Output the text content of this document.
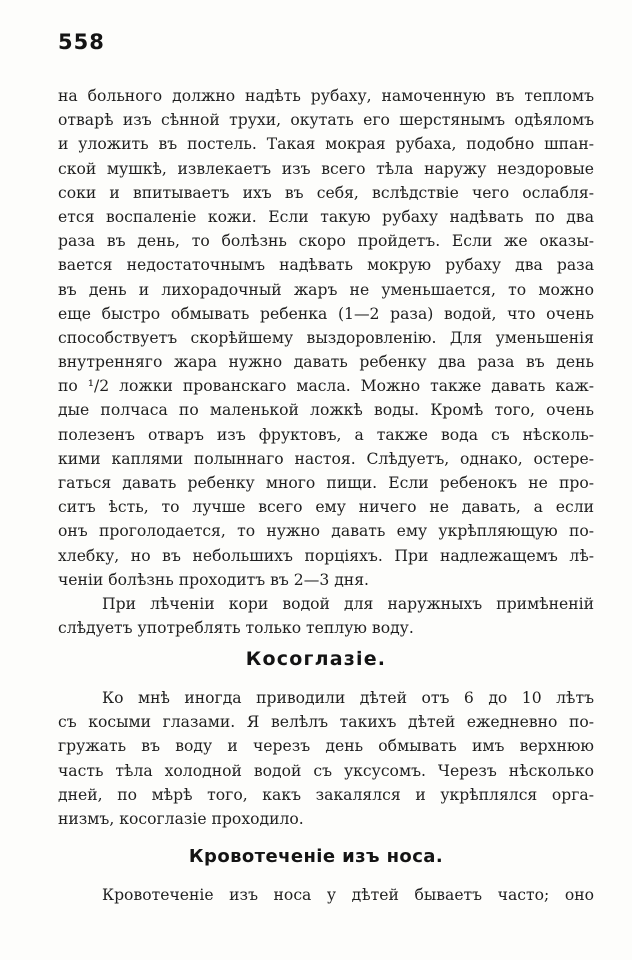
558
на больного должно надѣть рубаху, намоченную въ тепломъ
отварѣ изъ сѣнной трухи, окутать его шерстянымъ одѣяломъ
и уложить въ постель. Такая мокрая рубаха, подобно шпан-
ской мушкѣ, извлекаетъ изъ всего тѣла наружу нездоровые
соки и впитываетъ ихъ въ себя, вслѣдствіе чего ослабля-
ется воспаленіе кожи. Если такую рубаху надѣвать по два
раза въ день, то болѣзнь скоро пройдетъ. Если же оказы-
вается недостаточнымъ надѣвать мокрую рубаху два раза
въ день и лихорадочный жаръ не уменьшается, то можно
еще быстро обмывать ребенка (1—2 раза) водой, что очень
способствуетъ скорѣйшему выздоровленію. Для уменьшенія
внутренняго жара нужно давать ребенку два раза въ день
по ¹/2 ложки прованскаго масла. Можно также давать каж-
дые полчаса по маленькой ложкѣ воды. Кромѣ того, очень
полезенъ отваръ изъ фруктовъ, а также вода съ нѣсколь-
кими каплями полыннаго настоя. Слѣдуетъ, однако, остере-
гаться давать ребенку много пищи. Если ребенокъ не про-
ситъ ѣсть, то лучше всего ему ничего не давать, а если
онъ проголодается, то нужно давать ему укрѣпляющую по-
хлебку, но въ небольшихъ порціяхъ. При надлежащемъ лѣ-
ченіи болѣзнь проходитъ въ 2—3 дня.
При лѣченіи кори водой для наружныхъ примѣненій
слѣдуетъ употреблять только теплую воду.
Косоглазіе.
Ко мнѣ иногда приводили дѣтей отъ 6 до 10 лѣтъ
съ косыми глазами. Я велѣлъ такихъ дѣтей ежедневно по-
гружать въ воду и черезъ день обмывать имъ верхнюю
часть тѣла холодной водой съ уксусомъ. Черезъ нѣсколько
дней, по мѣрѣ того, какъ закалялся и укрѣплялся орга-
низмъ, косоглазіе проходило.
Кровотеченіе изъ носа.
Кровотеченіе изъ носа у дѣтей бываетъ часто; оно
